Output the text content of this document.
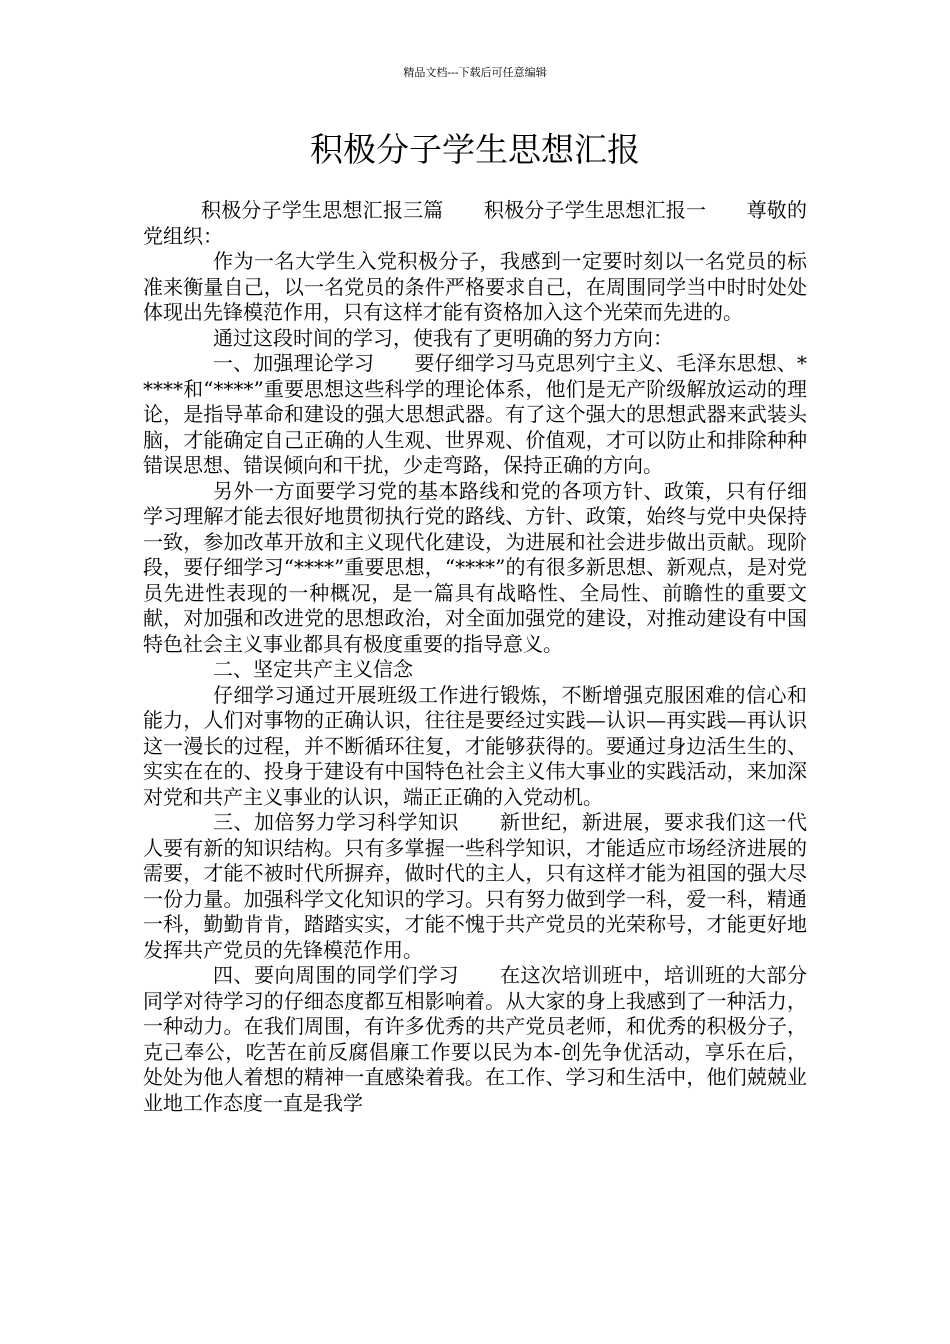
精品文档---下载后可任意编辑
积极分子学生思想汇报

积极分子学生思想汇报三篇　　积极分子学生思想汇报一　　尊敬的党组织：

作为一名大学生入党积极分子，我感到一定要时刻以一名党员的标准来衡量自己，以一名党员的条件严格要求自己，在周围同学当中时时处处体现出先锋模范作用，只有这样才能有资格加入这个光荣而先进的。

通过这段时间的学习，使我有了更明确的努力方向：

一、加强理论学习　　要仔细学习马克思列宁主义、毛泽东思想、*****和“****”重要思想这些科学的理论体系，他们是无产阶级解放运动的理论，是指导革命和建设的强大思想武器。有了这个强大的思想武器来武装头脑，才能确定自己正确的人生观、世界观、价值观，才可以防止和排除种种错误思想、错误倾向和干扰，少走弯路，保持正确的方向。

另外一方面要学习党的基本路线和党的各项方针、政策，只有仔细学习理解才能去很好地贯彻执行党的路线、方针、政策，始终与党中央保持一致，参加改革开放和主义现代化建设，为进展和社会进步做出贡献。现阶段，要仔细学习“****”重要思想，“****”的有很多新思想、新观点，是对党员先进性表现的一种概况，是一篇具有战略性、全局性、前瞻性的重要文献，对加强和改进党的思想政治，对全面加强党的建设，对推动建设有中国特色社会主义事业都具有极度重要的指导意义。

二、坚定共产主义信念

仔细学习通过开展班级工作进行锻炼，不断增强克服困难的信心和能力，人们对事物的正确认识，往往是要经过实践—认识—再实践—再认识这一漫长的过程，并不断循环往复，才能够获得的。要通过身边活生生的、实实在在的、投身于建设有中国特色社会主义伟大事业的实践活动，来加深对党和共产主义事业的认识，端正正确的入党动机。

三、加倍努力学习科学知识　　新世纪，新进展，要求我们这一代人要有新的知识结构。只有多掌握一些科学知识，才能适应市场经济进展的需要，才能不被时代所摒弃，做时代的主人，只有这样才能为祖国的强大尽一份力量。加强科学文化知识的学习。只有努力做到学一科，爱一科，精通一科，勤勤肯肯，踏踏实实，才能不愧于共产党员的光荣称号，才能更好地发挥共产党员的先锋模范作用。

四、要向周围的同学们学习　　在这次培训班中，培训班的大部分同学对待学习的仔细态度都互相影响着。从大家的身上我感到了一种活力，一种动力。在我们周围，有许多优秀的共产党员老师，和优秀的积极分子，克己奉公，吃苦在前反腐倡廉工作要以民为本-创先争优活动，享乐在后，处处为他人着想的精神一直感染着我。在工作、学习和生活中，他们兢兢业业地工作态度一直是我学
